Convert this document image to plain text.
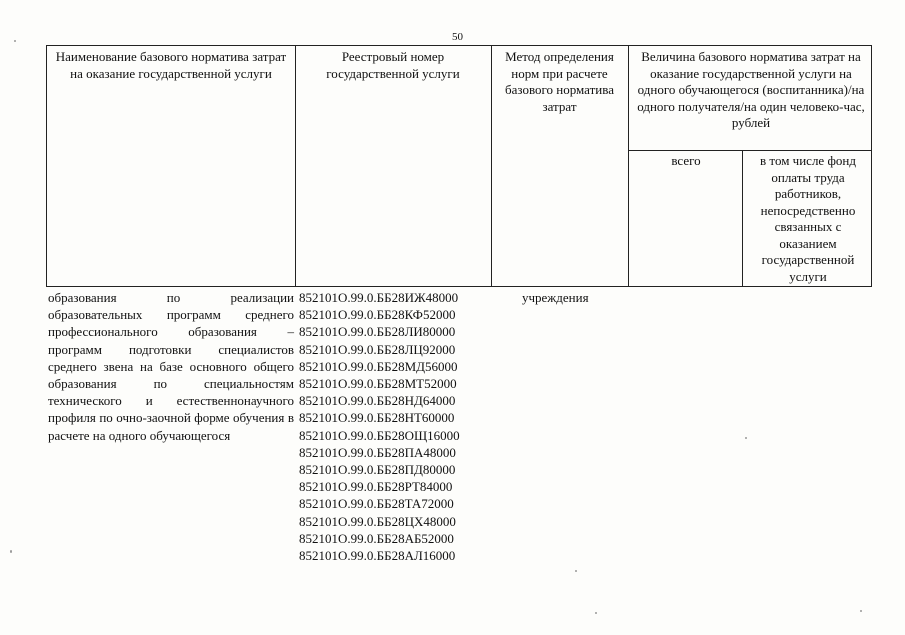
50
Наименование базового норматива затрат на оказание государственной услуги
Реестровый номер государственной услуги
Метод определения норм при расчете базового норматива затрат
Величина базового норматива затрат на оказание государственной услуги на одного обучающегося (воспитанника)/на одного получателя/на один человеко-час, рублей
всего	в том числе фонд оплаты труда работников, непосредственно связанных с оказанием государственной услуги
образования по реализации образовательных программ среднего профессионального образования – программ подготовки специалистов среднего звена на базе основного общего образования по специальностям технического и естественнонаучного профиля по очно-заочной форме обучения в расчете на одного обучающегося
852101О.99.0.ББ28ИЖ48000
852101О.99.0.ББ28КФ52000
852101О.99.0.ББ28ЛИ80000
852101О.99.0.ББ28ЛЦ92000
852101О.99.0.ББ28МД56000
852101О.99.0.ББ28МТ52000
852101О.99.0.ББ28НД64000
852101О.99.0.ББ28НТ60000
852101О.99.0.ББ28ОЩ16000
852101О.99.0.ББ28ПА48000
852101О.99.0.ББ28ПД80000
852101О.99.0.ББ28РТ84000
852101О.99.0.ББ28ТА72000
852101О.99.0.ББ28ЦХ48000
852101О.99.0.ББ28АБ52000
852101О.99.0.ББ28АЛ16000
учреждения
